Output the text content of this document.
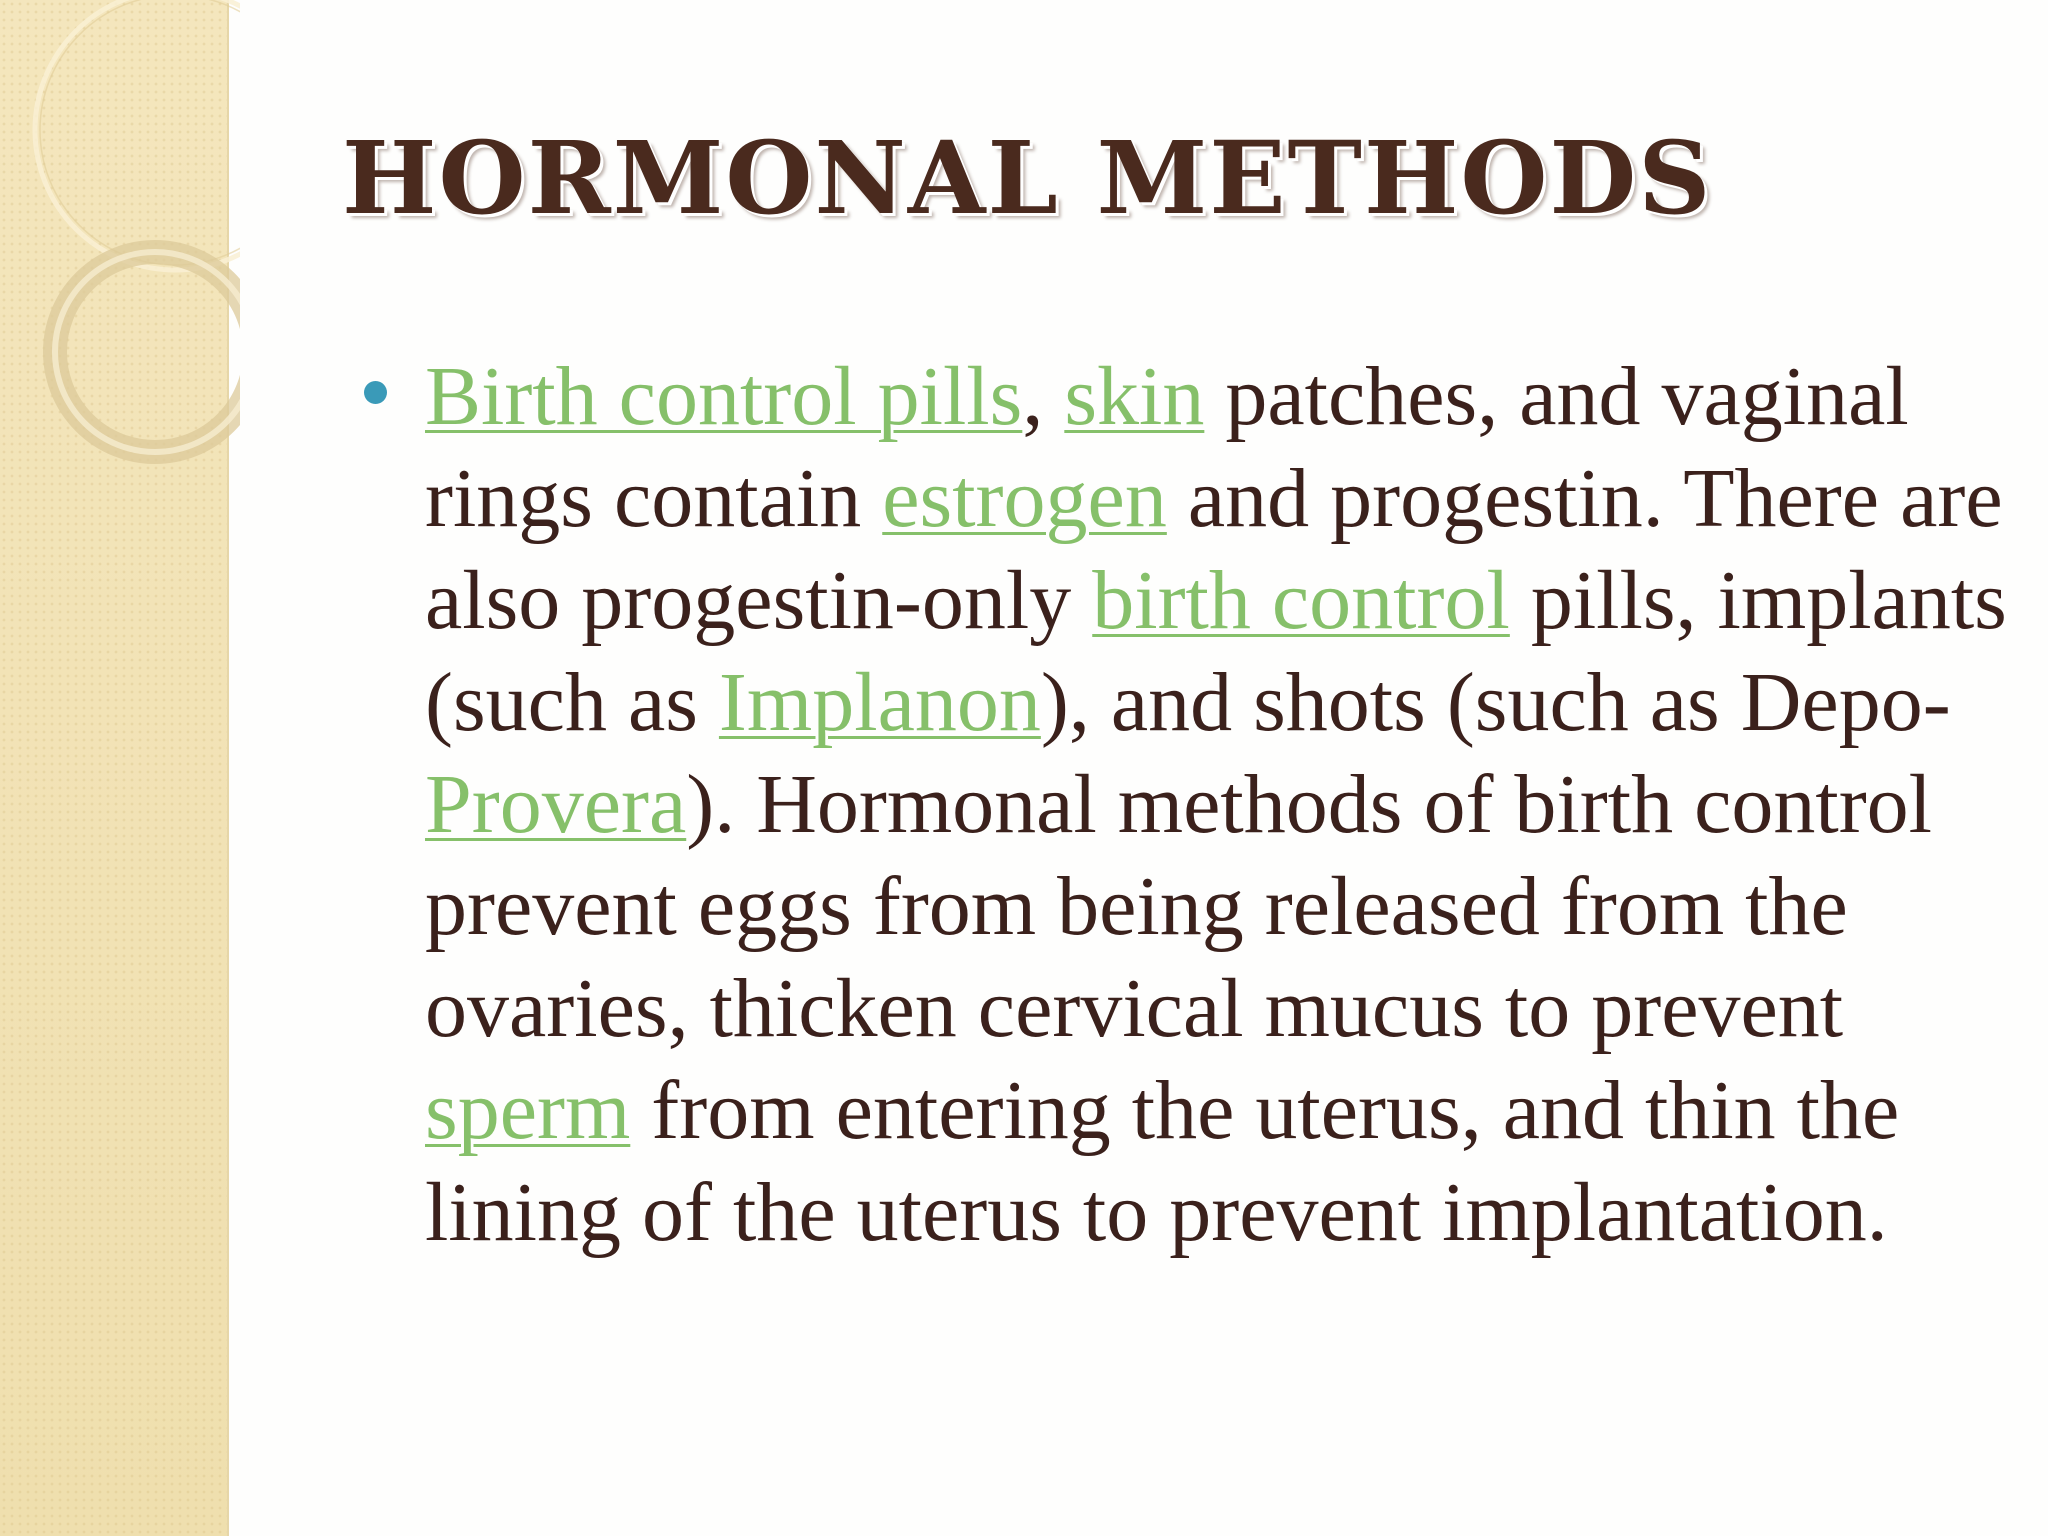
HORMONAL METHODS

Birth control pills, skin patches, and vaginal rings contain estrogen and progestin. There are also progestin-only birth control pills, implants (such as Implanon), and shots (such as Depo-Provera). Hormonal methods of birth control prevent eggs from being released from the ovaries, thicken cervical mucus to prevent sperm from entering the uterus, and thin the lining of the uterus to prevent implantation.
